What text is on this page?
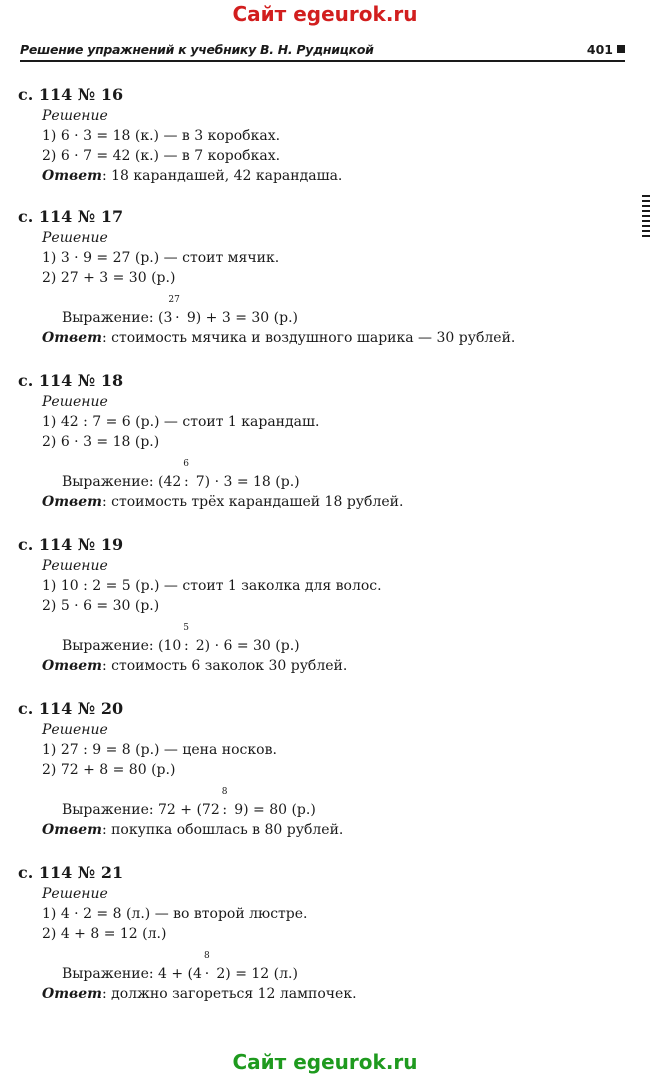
Сайт egeurok.ru
Решение упражнений к учебнику В. Н. Рудницкой	401
с. 114 № 16
Решение
1) 6 · 3 = 18 (к.) — в 3 коробках.
2) 6 · 7 = 42 (к.) — в 7 коробках.
Ответ: 18 карандашей, 42 карандаша.
с. 114 № 17
Решение
1) 3 · 9 = 27 (р.) — стоит мячик.
2) 27 + 3 = 30 (р.)
Выражение: (3 ·
27
9) + 3 = 30 (р.)
Ответ: стоимость мячика и воздушного шарика — 30 рублей.
с. 114 № 18
Решение
1) 42 : 7 = 6 (р.) — стоит 1 карандаш.
2) 6 · 3 = 18 (р.)
Выражение: (42 :
6
7) · 3 = 18 (р.)
Ответ: стоимость трёх карандашей 18 рублей.
с. 114 № 19
Решение
1) 10 : 2 = 5 (р.) — стоит 1 заколка для волос.
2) 5 · 6 = 30 (р.)
Выражение: (10 :
5
2) · 6 = 30 (р.)
Ответ: стоимость 6 заколок 30 рублей.
с. 114 № 20
Решение
1) 27 : 9 = 8 (р.) — цена носков.
2) 72 + 8 = 80 (р.)
Выражение: 72 + (72 :
8
9) = 80 (р.)
Ответ: покупка обошлась в 80 рублей.
с. 114 № 21
Решение
1) 4 · 2 = 8 (л.) — во второй люстре.
2) 4 + 8 = 12 (л.)
Выражение: 4 + (4 ·
8
2) = 12 (л.)
Ответ: должно загореться 12 лампочек.
Сайт egeurok.ru
